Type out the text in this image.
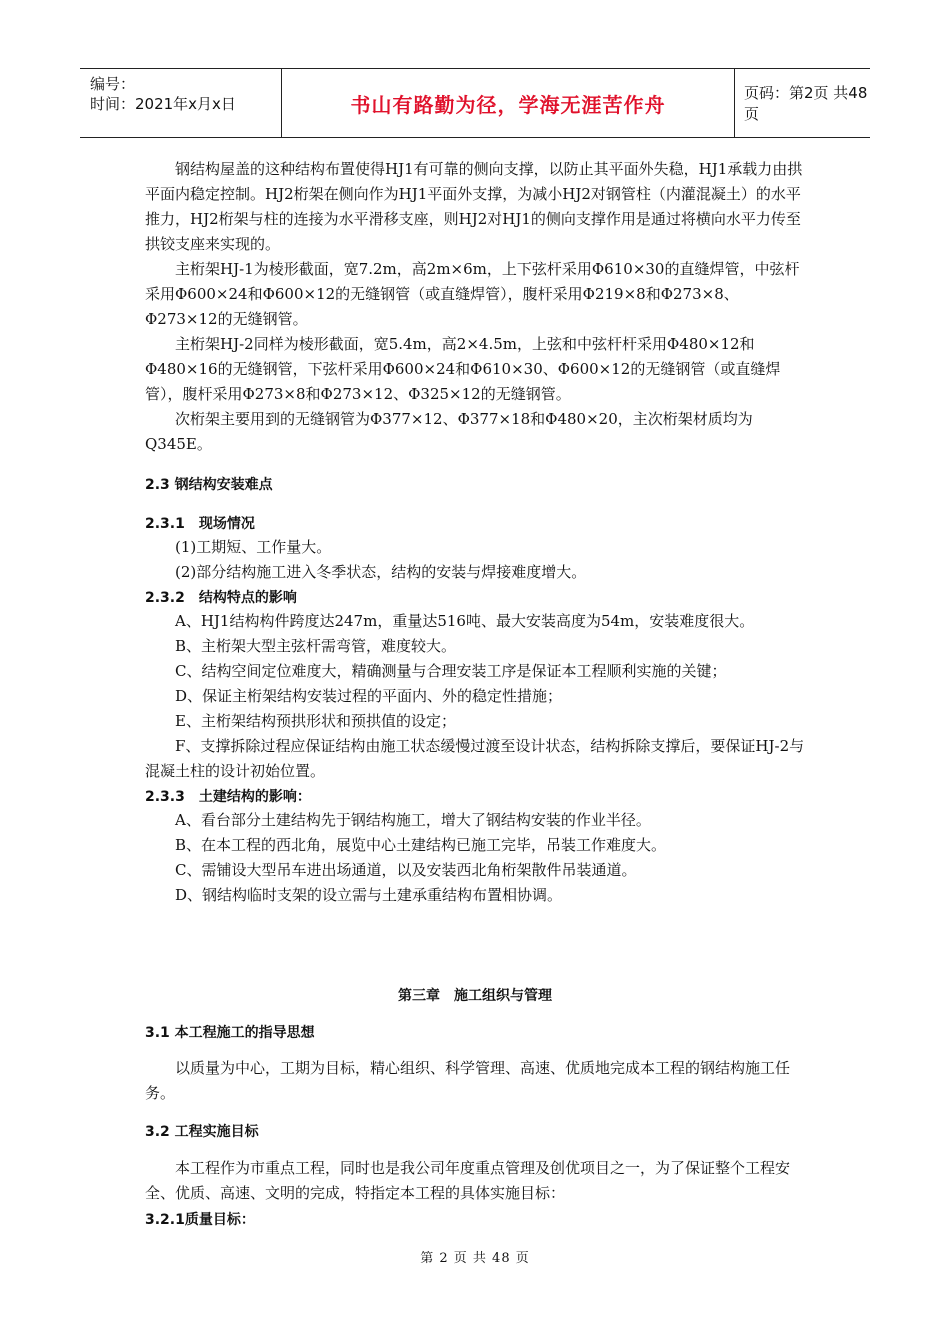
编号：
时间：2021年x月x日	书山有路勤为径，学海无涯苦作舟	页码：第2页 共48页

钢结构屋盖的这种结构布置使得HJ1有可靠的侧向支撑，以防止其平面外失稳，HJ1承载力由拱平面内稳定控制。HJ2桁架在侧向作为HJ1平面外支撑，为减小HJ2对钢管柱（内灌混凝土）的水平推力，HJ2桁架与柱的连接为水平滑移支座，则HJ2对HJ1的侧向支撑作用是通过将横向水平力传至拱铰支座来实现的。

主桁架HJ-1为棱形截面，宽7.2m，高2m×6m，上下弦杆采用Φ610×30的直缝焊管，中弦杆采用Φ600×24和Φ600×12的无缝钢管（或直缝焊管），腹杆采用Φ219×8和Φ273×8、Φ273×12的无缝钢管。

主桁架HJ-2同样为棱形截面，宽5.4m，高2×4.5m，上弦和中弦杆杆采用Φ480×12和Φ480×16的无缝钢管，下弦杆采用Φ600×24和Φ610×30、Φ600×12的无缝钢管（或直缝焊管），腹杆采用Φ273×8和Φ273×12、Φ325×12的无缝钢管。

次桁架主要用到的无缝钢管为Φ377×12、Φ377×18和Φ480×20，主次桁架材质均为Q345E。

2.3 钢结构安装难点
2.3.1　现场情况
(1)工期短、工作量大。
(2)部分结构施工进入冬季状态，结构的安装与焊接难度增大。
2.3.2　结构特点的影响
A、HJ1结构构件跨度达247m，重量达516吨、最大安装高度为54m，安装难度很大。
B、主桁架大型主弦杆需弯管，难度较大。
C、结构空间定位难度大，精确测量与合理安装工序是保证本工程顺利实施的关键；
D、保证主桁架结构安装过程的平面内、外的稳定性措施；
E、主桁架结构预拱形状和预拱值的设定；

F、支撑拆除过程应保证结构由施工状态缓慢过渡至设计状态，结构拆除支撑后，要保证HJ-2与混凝土柱的设计初始位置。

2.3.3　土建结构的影响：
A、看台部分土建结构先于钢结构施工，增大了钢结构安装的作业半径。
B、在本工程的西北角，展览中心土建结构已施工完毕，吊装工作难度大。
C、需铺设大型吊车进出场通道，以及安装西北角桁架散件吊装通道。
D、钢结构临时支架的设立需与土建承重结构布置相协调。
第三章　施工组织与管理
3.1 本工程施工的指导思想

以质量为中心，工期为目标，精心组织、科学管理、高速、优质地完成本工程的钢结构施工任务。

3.2 工程实施目标

本工程作为市重点工程，同时也是我公司年度重点管理及创优项目之一，为了保证整个工程安全、优质、高速、文明的完成，特指定本工程的具体实施目标：

3.2.1质量目标：
第 2 页 共 48 页
